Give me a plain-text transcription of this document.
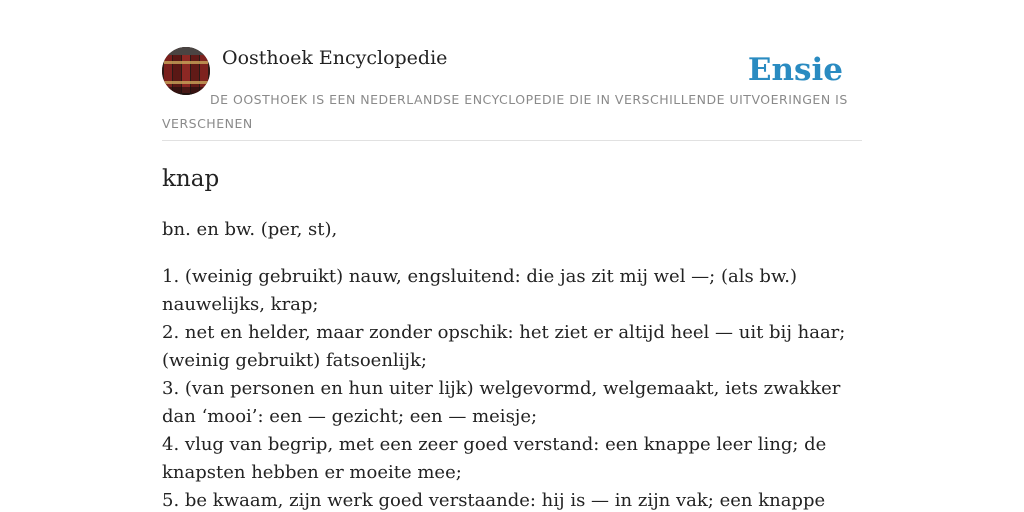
Oosthoek Encyclopedie	Ensie
DE OOSTHOEK IS EEN NEDERLANDSE ENCYCLOPEDIE DIE IN VERSCHILLENDE UITVOERINGEN IS VERSCHENEN
knap
bn. en bw. (per, st),
1. (weinig gebruikt) nauw, engsluitend: die jas zit mij wel —; (als bw.) nauwelijks, krap;
2. net en helder, maar zonder opschik: het ziet er altijd heel — uit bij haar; (weinig gebruikt) fatsoenlijk;
3. (van personen en hun uiter lijk) welgevormd, welgemaakt, iets zwakker dan ‘mooi’: een — gezicht; een — meisje;
4. vlug van begrip, met een zeer goed verstand: een knappe leer ling; de knapsten hebben er moeite mee;
5. be kwaam, zijn werk goed verstaande: hij is — in zijn vak; een knappe
